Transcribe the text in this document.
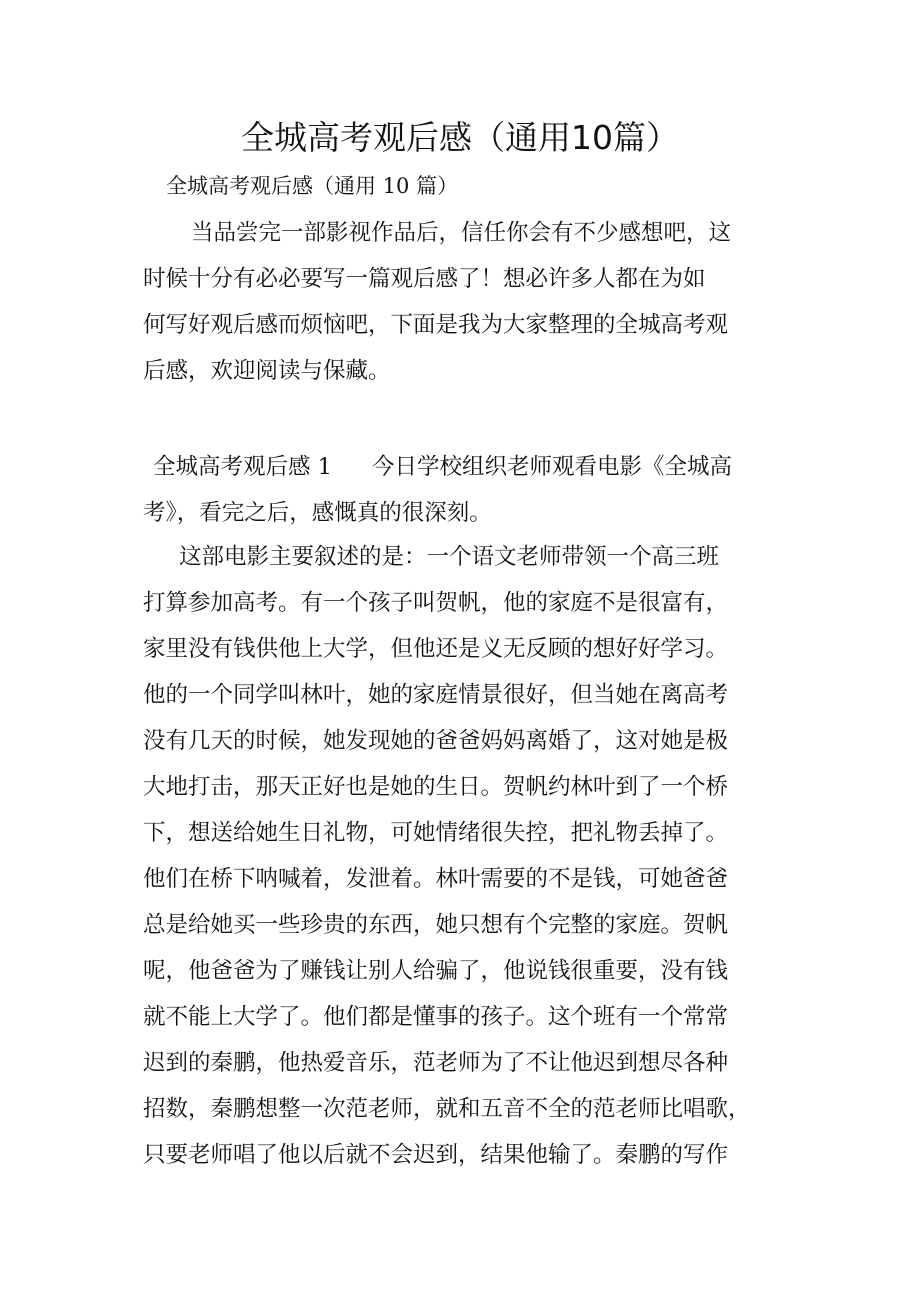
全城高考观后感（通用10篇）

全城高考观后感（通用 10 篇）

当品尝完一部影视作品后，信任你会有不少感想吧，这
时候十分有必必要写一篇观后感了！想必许多人都在为如
何写好观后感而烦恼吧，下面是我为大家整理的全城高考观
后感，欢迎阅读与保藏。
全城高考观后感 1 今日学校组织老师观看电影《全城高
考》，看完之后，感慨真的很深刻。
这部电影主要叙述的是：一个语文老师带领一个高三班
打算参加高考。有一个孩子叫贺帆，他的家庭不是很富有，
家里没有钱供他上大学，但他还是义无反顾的想好好学习。
他的一个同学叫林叶，她的家庭情景很好，但当她在离高考
没有几天的时候，她发现她的爸爸妈妈离婚了，这对她是极
大地打击，那天正好也是她的生日。贺帆约林叶到了一个桥
下，想送给她生日礼物，可她情绪很失控，把礼物丢掉了。
他们在桥下呐喊着，发泄着。林叶需要的不是钱，可她爸爸
总是给她买一些珍贵的东西，她只想有个完整的家庭。贺帆
呢，他爸爸为了赚钱让别人给骗了，他说钱很重要，没有钱
就不能上大学了。他们都是懂事的孩子。这个班有一个常常
迟到的秦鹏，他热爱音乐，范老师为了不让他迟到想尽各种
招数，秦鹏想整一次范老师，就和五音不全的范老师比唱歌，
只要老师唱了他以后就不会迟到，结果他输了。秦鹏的写作
